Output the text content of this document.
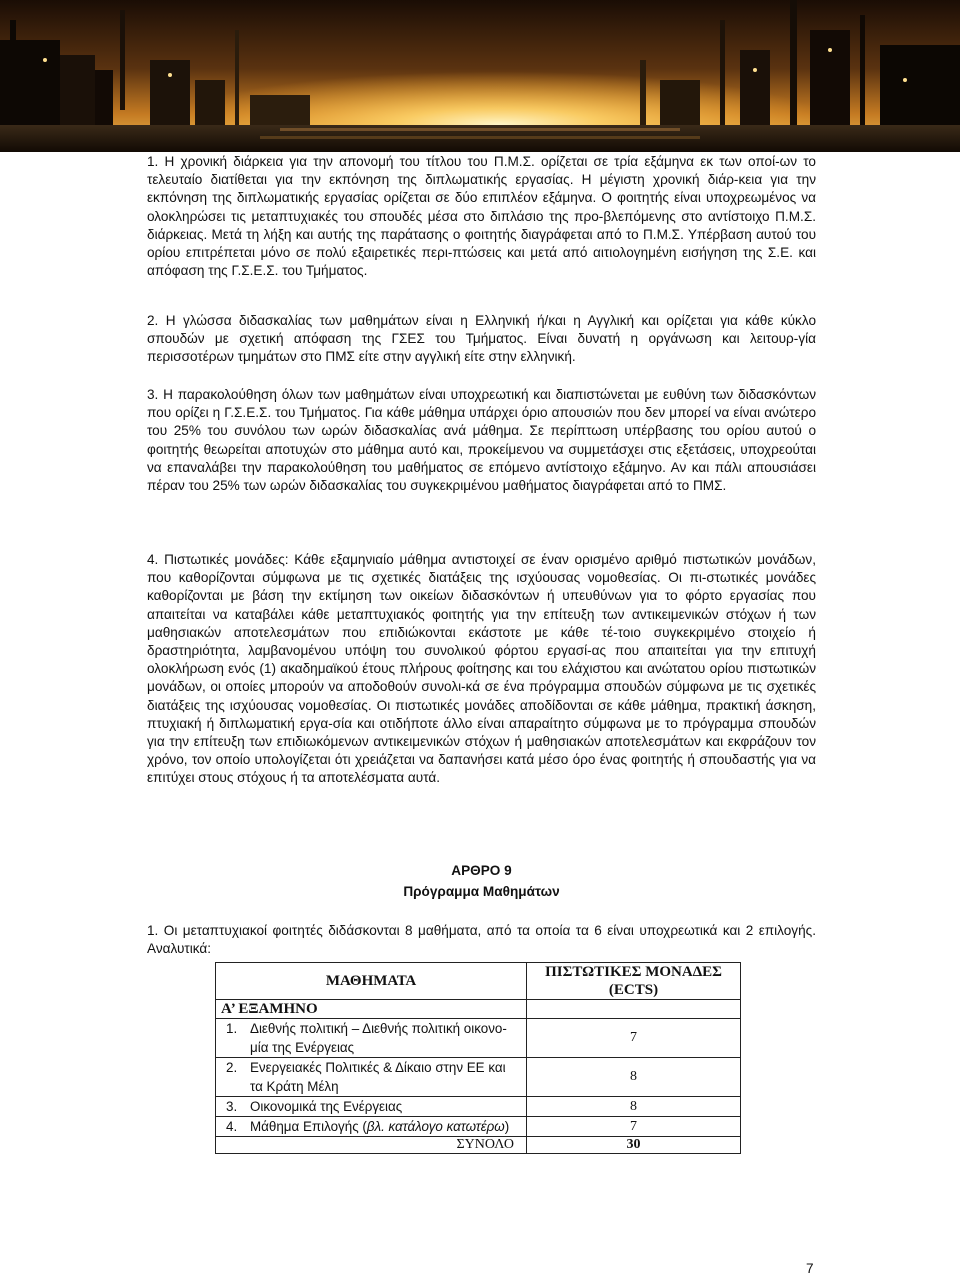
1. Η χρονική διάρκεια για την απονομή του τίτλου του Π.Μ.Σ. ορίζεται σε τρία εξάμηνα εκ των οποί-ων το τελευταίο διατίθεται για την εκπόνηση της διπλωματικής εργασίας. Η μέγιστη χρονική διάρ-κεια για την εκπόνηση της διπλωματικής εργασίας ορίζεται σε δύο επιπλέον εξάμηνα. Ο φοιτητής είναι υποχρεωμένος να ολοκληρώσει τις μεταπτυχιακές του σπουδές μέσα στο διπλάσιο της προ-βλεπόμενης στο αντίστοιχο Π.Μ.Σ. διάρκειας. Μετά τη λήξη και αυτής της παράτασης ο φοιτητής διαγράφεται από το Π.Μ.Σ. Υπέρβαση αυτού του ορίου επιτρέπεται μόνο σε πολύ εξαιρετικές περι-πτώσεις και μετά από αιτιολογημένη εισήγηση της Σ.Ε. και απόφαση της Γ.Σ.Ε.Σ. του Τμήματος.

2. Η γλώσσα διδασκαλίας των μαθημάτων είναι η Ελληνική ή/και η Αγγλική και ορίζεται για κάθε κύκλο σπουδών με σχετική απόφαση της ΓΣΕΣ του Τμήματος. Είναι δυνατή η οργάνωση και λειτουρ-γία περισσοτέρων τμημάτων στο ΠΜΣ είτε στην αγγλική είτε στην ελληνική.

3. Η παρακολούθηση όλων των μαθημάτων είναι υποχρεωτική και διαπιστώνεται με ευθύνη των διδασκόντων που ορίζει η Γ.Σ.Ε.Σ. του Τμήματος. Για κάθε μάθημα υπάρχει όριο απουσιών που δεν μπορεί να είναι ανώτερο του 25% του συνόλου των ωρών διδασκαλίας ανά μάθημα. Σε περίπτωση υπέρβασης του ορίου αυτού ο φοιτητής θεωρείται αποτυχών στο μάθημα αυτό και, προκείμενου να συμμετάσχει στις εξετάσεις, υποχρεούται να επαναλάβει την παρακολούθηση του μαθήματος σε επόμενο αντίστοιχο εξάμηνο. Αν και πάλι απουσιάσει πέραν του 25% των ωρών διδασκαλίας του συγκεκριμένου μαθήματος διαγράφεται από το ΠΜΣ.

4. Πιστωτικές μονάδες: Κάθε εξαμηνιαίο μάθημα αντιστοιχεί σε έναν ορισμένο αριθμό πιστωτικών μονάδων, που καθορίζονται σύμφωνα με τις σχετικές διατάξεις της ισχύουσας νομοθεσίας. Οι πι-στωτικές μονάδες καθορίζονται με βάση την εκτίμηση των οικείων διδασκόντων ή υπευθύνων για το φόρτο εργασίας που απαιτείται να καταβάλει κάθε μεταπτυχιακός φοιτητής για την επίτευξη των αντικειμενικών στόχων ή των μαθησιακών αποτελεσμάτων που επιδιώκονται εκάστοτε με κάθε τέ-τοιο συγκεκριμένο στοιχείο ή δραστηριότητα, λαμβανομένου υπόψη του συνολικού φόρτου εργασί-ας που απαιτείται για την επιτυχή ολοκλήρωση ενός (1) ακαδημαϊκού έτους πλήρους φοίτησης και του ελάχιστου και ανώτατου ορίου πιστωτικών μονάδων, οι οποίες μπορούν να αποδοθούν συνολι-κά σε ένα πρόγραμμα σπουδών σύμφωνα με τις σχετικές διατάξεις της ισχύουσας νομοθεσίας. Οι πιστωτικές μονάδες αποδίδονται σε κάθε μάθημα, πρακτική άσκηση, πτυχιακή ή διπλωματική εργα-σία και οτιδήποτε άλλο είναι απαραίτητο σύμφωνα με το πρόγραμμα σπουδών για την επίτευξη των επιδιωκόμενων αντικειμενικών στόχων ή μαθησιακών αποτελεσμάτων και εκφράζουν τον χρόνο, τον οποίο υπολογίζεται ότι χρειάζεται να δαπανήσει κατά μέσο όρο ένας φοιτητής ή σπουδαστής για να επιτύχει στους στόχους ή τα αποτελέσματα αυτά.

ΑΡΘΡΟ 9
Πρόγραμμα Μαθημάτων

1. Οι μεταπτυχιακοί φοιτητές διδάσκονται 8 μαθήματα, από τα οποία τα 6 είναι υποχρεωτικά και 2 επιλογής. Αναλυτικά:

ΜΑΘΗΜΑΤΑ	ΠΙΣΤΩΤΙΚΕΣ ΜΟΝΑΔΕΣ (ECTS)
Α’ ΕΞΑΜΗΝΟ	
1. Διεθνής πολιτική – Διεθνής πολιτική οικονο-μία της Ενέργειας	7
2. Ενεργειακές Πολιτικές & Δίκαιο στην ΕΕ και τα Κράτη Μέλη	8
3. Οικονομικά της Ενέργειας	8
4. Μάθημα Επιλογής (βλ. κατάλογο κατωτέρω)	7
ΣΥΝΟΛΟ	30
7
